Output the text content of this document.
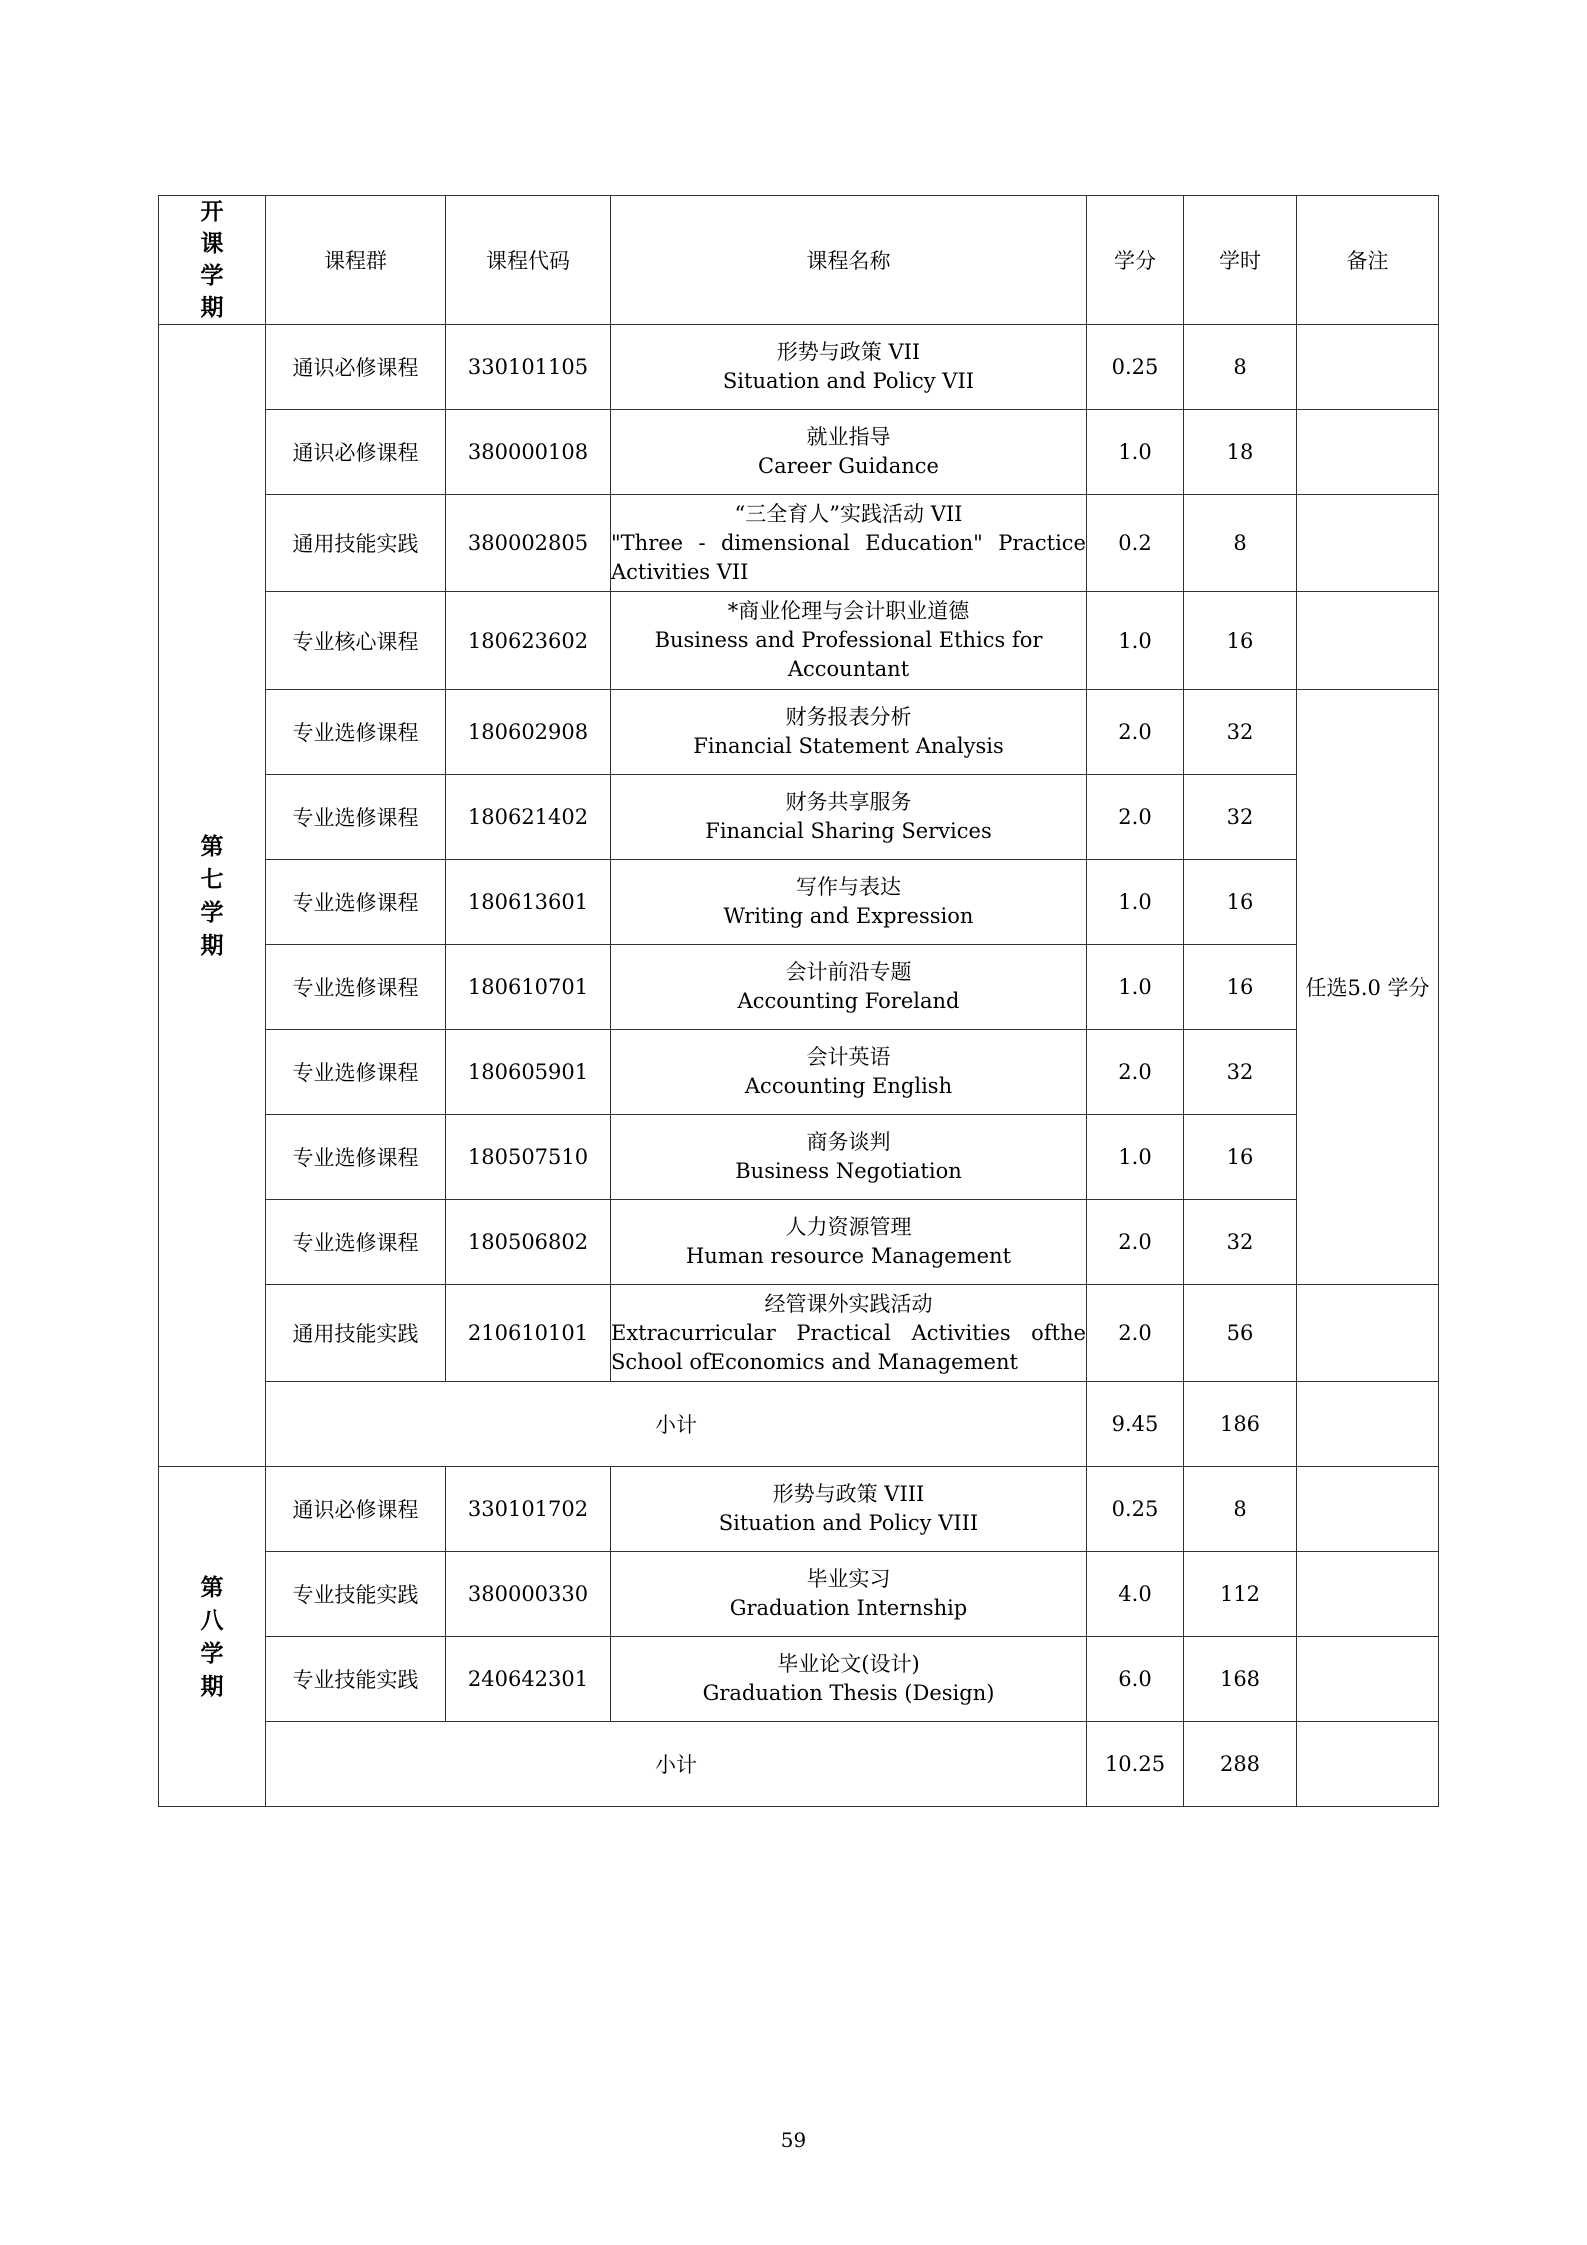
开
课
学
期	课程群	课程代码	课程名称	学分	学时	备注

第
七
学
期	通识必修课程	330101105	形势与政策 VII
Situation and Policy VII	0.25	8	
	通识必修课程	380000108	就业指导
Career Guidance	1.0	18	
	通用技能实践	380002805	“三全育人”实践活动 VII
"Three - dimensional Education" Practice Activities VII	0.2	8	
	专业核心课程	180623602	*商业伦理与会计职业道德
Business and Professional Ethics for Accountant	1.0	16	
	专业选修课程	180602908	财务报表分析
Financial Statement Analysis	2.0	32	任选5.0 学分
	专业选修课程	180621402	财务共享服务
Financial Sharing Services	2.0	32	
	专业选修课程	180613601	写作与表达
Writing and Expression	1.0	16	
	专业选修课程	180610701	会计前沿专题
Accounting Foreland	1.0	16	
	专业选修课程	180605901	会计英语
Accounting English	2.0	32	
	专业选修课程	180507510	商务谈判
Business Negotiation	1.0	16	
	专业选修课程	180506802	人力资源管理
Human resource Management	2.0	32	
	通用技能实践	210610101	经管课外实践活动
Extracurricular Practical Activities ofthe School ofEconomics and Management	2.0	56	
	小计			9.45	186	

第
八
学
期	通识必修课程	330101702	形势与政策 VIII
Situation and Policy VIII	0.25	8	
	专业技能实践	380000330	毕业实习
Graduation Internship	4.0	112	
	专业技能实践	240642301	毕业论文(设计)
Graduation Thesis (Design)	6.0	168	
	小计			10.25	288	
59
